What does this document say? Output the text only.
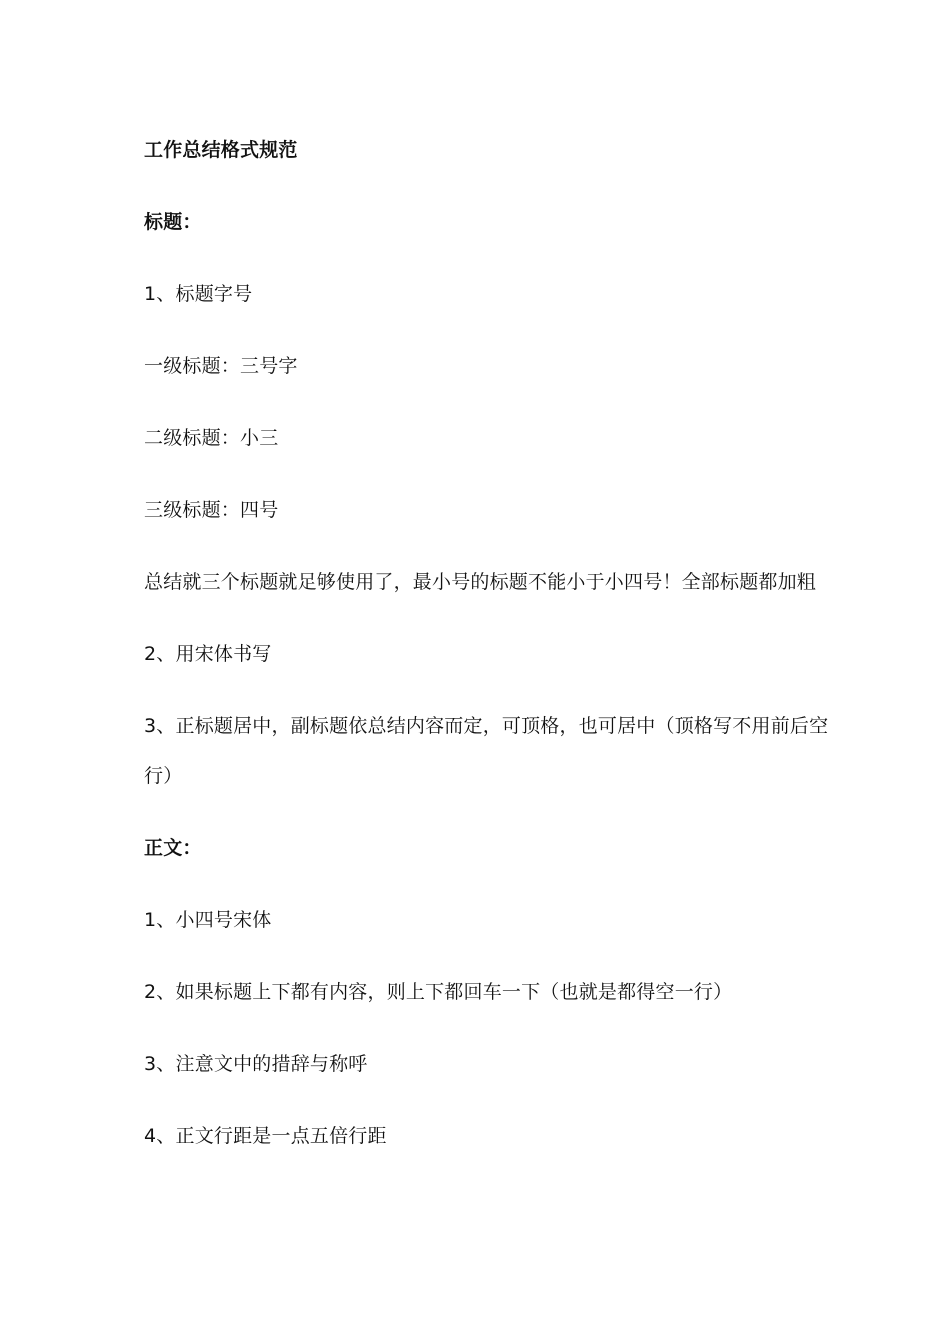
工作总结格式规范
标题：
1、标题字号
一级标题：三号字
二级标题：小三
三级标题：四号
总结就三个标题就足够使用了，最小号的标题不能小于小四号！全部标题都加粗
2、用宋体书写
3、正标题居中，副标题依总结内容而定，可顶格，也可居中（顶格写不用前后空
行）
正文：
1、小四号宋体
2、如果标题上下都有内容，则上下都回车一下（也就是都得空一行）
3、注意文中的措辞与称呼
4、正文行距是一点五倍行距
